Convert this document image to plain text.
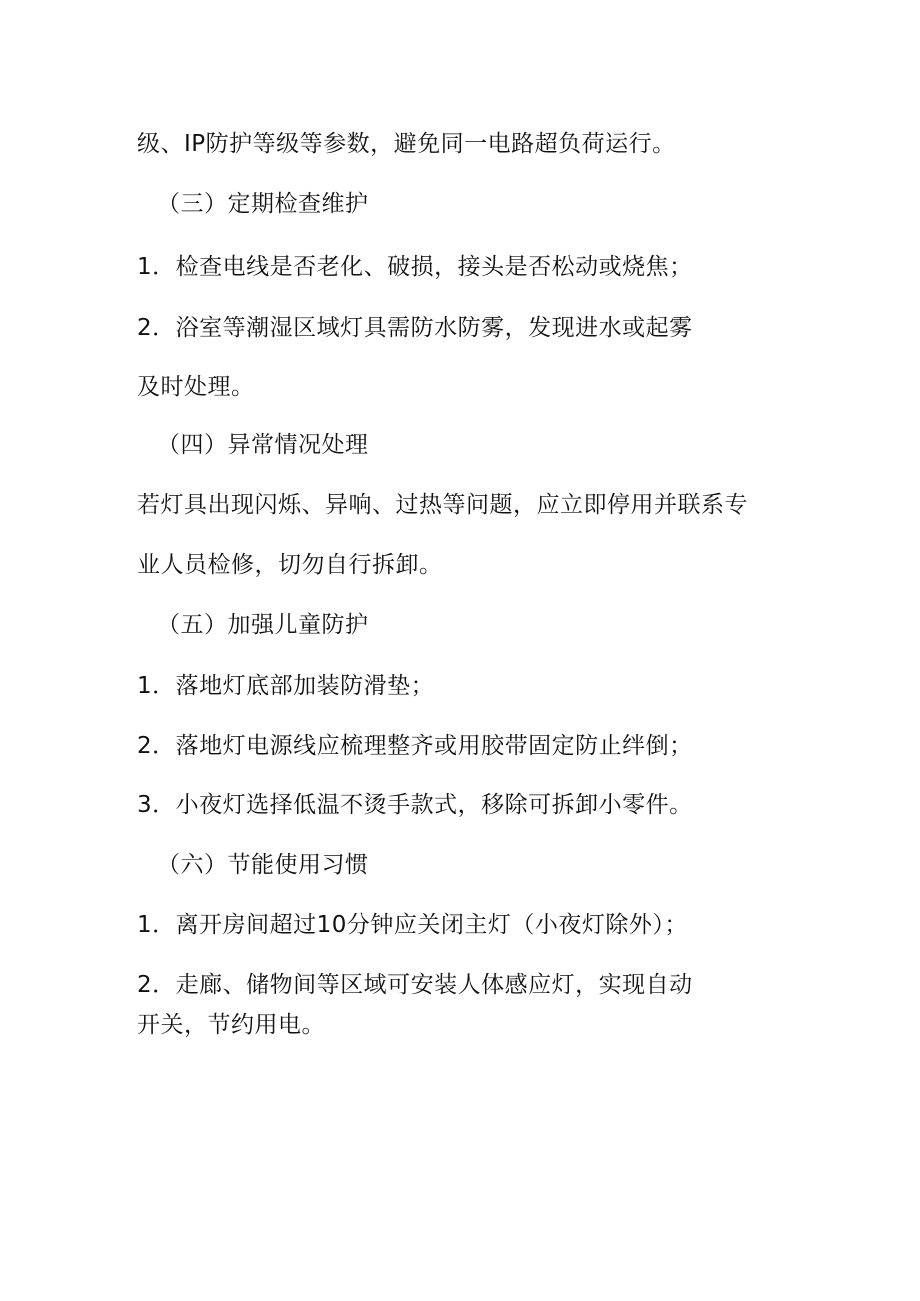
级、IP防护等级等参数，避免同一电路超负荷运行。
（三）定期检查维护
1．检查电线是否老化、破损，接头是否松动或烧焦；
2．浴室等潮湿区域灯具需防水防雾，发现进水或起雾
及时处理。
（四）异常情况处理
若灯具出现闪烁、异响、过热等问题，应立即停用并联系专
业人员检修，切勿自行拆卸。
（五）加强儿童防护
1．落地灯底部加装防滑垫；
2．落地灯电源线应梳理整齐或用胶带固定防止绊倒；
3．小夜灯选择低温不烫手款式，移除可拆卸小零件。
（六）节能使用习惯
1．离开房间超过10分钟应关闭主灯（小夜灯除外）；
2．走廊、储物间等区域可安装人体感应灯，实现自动
开关，节约用电。
